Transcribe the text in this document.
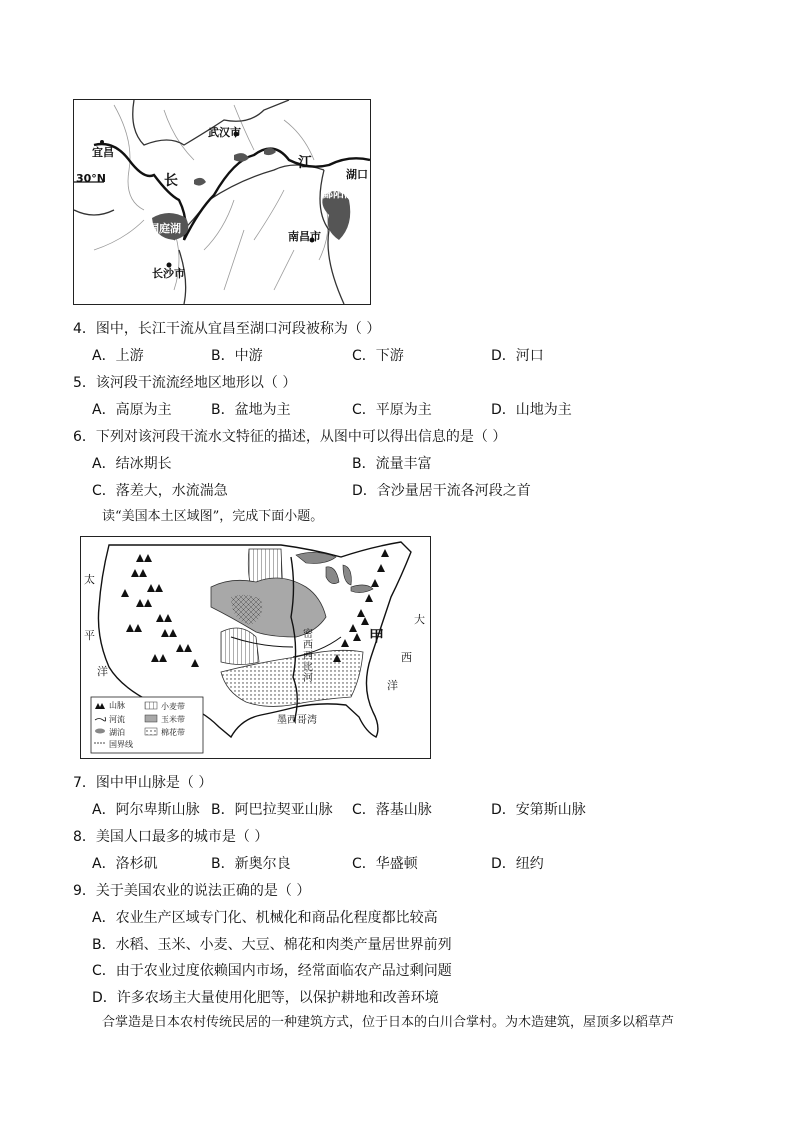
宜昌
武汉市
30°N	长
江
湖口
鄱阳湖
洞庭湖
南昌市
长沙市
4．图中，长江干流从宜昌至湖口河段被称为（ ）
A．上游	B．中游	C．下游	D．河口
5．该河段干流流经地区地形以（ ）
A．高原为主	B．盆地为主	C．平原为主	D．山地为主
6．下列对该河段干流水文特征的描述，从图中可以得出信息的是（ ）
A．结冰期长	B．流量丰富
C．落差大，水流湍急	D．含沙量居干流各河段之首
读“美国本土区域图”，完成下面小题。
太
平
洋
大
西
洋
甲
密西西比河
墨西哥湾
山脉
河流
湖泊
国界线
小麦带
玉米带
棉花带
7．图中甲山脉是（ ）
A．阿尔卑斯山脉 B．阿巴拉契亚山脉 C．落基山脉	D．安第斯山脉
8．美国人口最多的城市是（ ）
A．洛杉矶	B．新奥尔良	C．华盛顿	D．纽约
9．关于美国农业的说法正确的是（ ）
A．农业生产区域专门化、机械化和商品化程度都比较高
B．水稻、玉米、小麦、大豆、棉花和肉类产量居世界前列
C．由于农业过度依赖国内市场，经常面临农产品过剩问题
D．许多农场主大量使用化肥等，以保护耕地和改善环境
合掌造是日本农村传统民居的一种建筑方式，位于日本的白川合掌村。为木造建筑，屋顶多以稻草芦
